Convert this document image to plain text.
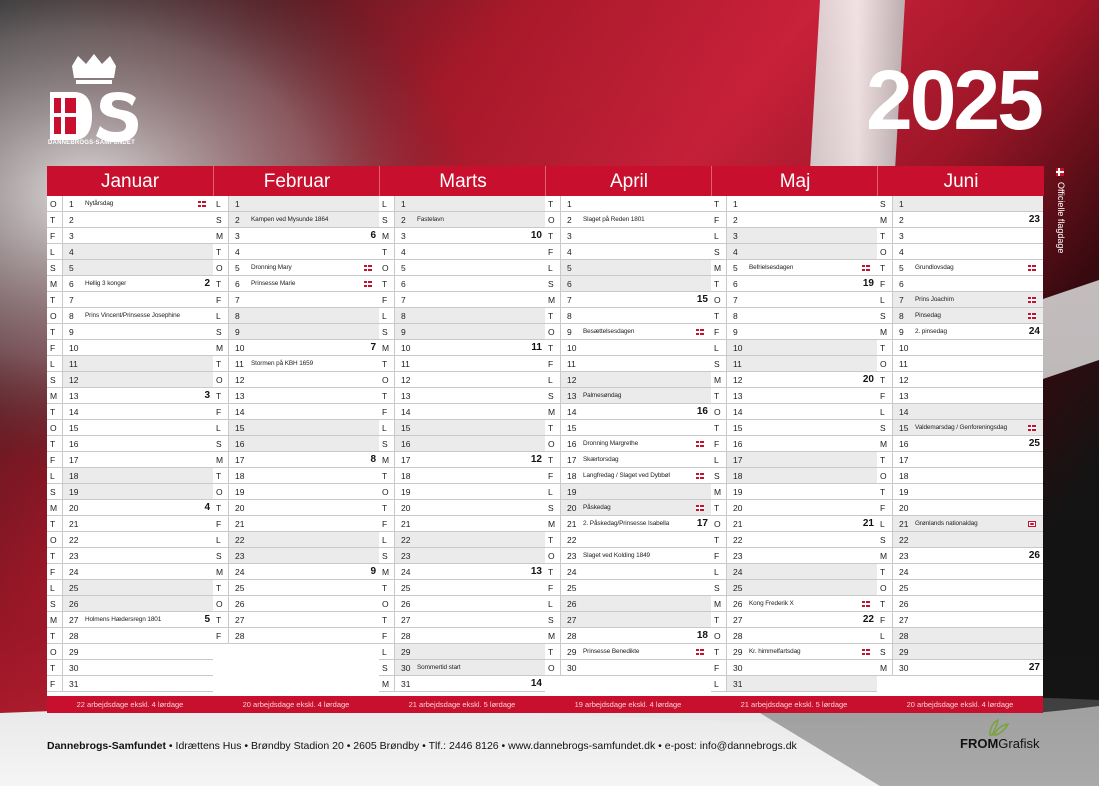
DANNEBROGS-SAMFUNDET	2025
Officielle flagdage
Januar
O	1 Nytårsdag
T	2
F	3
L	4
S	5
M	6 Hellig 3 konger	2
T	7
O	8 Prins Vincent/Prinsesse Josephine
T	9
F	10
L	11
S	12
M	13	3
T	14
O	15
T	16
F	17
L	18
S	19
M	20	4
T	21
O	22
T	23
F	24
L	25
S	26
M	27 Holmens Hædersregn 1801	5
T	28
O	29
T	30
F	31
22 arbejdsdage ekskl. 4 lørdage
Februar
L	1
S	2 Kampen ved Mysunde 1864
M	3	6
T	4
O	5 Dronning Mary
T	6 Prinsesse Marie
F	7
L	8
S	9
M	10	7
T	11 Stormen på KBH 1659
O	12
T	13
F	14
L	15
S	16
M	17	8
T	18
O	19
T	20
F	21
L	22
S	23
M	24	9
T	25
O	26
T	27
F	28
20 arbejdsdage ekskl. 4 lørdage
Marts
L	1
S	2 Fastelavn
M	3	10
T	4
O	5
T	6
F	7
L	8
S	9
M	10	11
T	11
O	12
T	13
F	14
L	15
S	16
M	17	12
T	18
O	19
T	20
F	21
L	22
S	23
M	24	13
T	25
O	26
T	27
F	28
L	29
S	30 Sommertid start
M	31	14
21 arbejdsdage ekskl. 5 lørdage
April
T	1
O	2 Slaget på Reden 1801
T	3
F	4
L	5
S	6
M	7	15
T	8
O	9 Besættelsesdagen
T	10
F	11
L	12
S	13 Palmesøndag
M	14	16
T	15
O	16 Dronning Margrethe
T	17 Skærtorsdag
F	18 Langfredag / Slaget ved Dybbøl
L	19
S	20 Påskedag
M	21 2. Påskedag/Prinsesse Isabella	17
T	22
O	23 Slaget ved Kolding 1849
T	24
F	25
L	26
S	27
M	28	18
T	29 Prinsesse Benedikte
O	30
19 arbejdsdage ekskl. 4 lørdage
Maj
T	1
F	2
L	3
S	4
M	5 Befrielsesdagen
T	6	19
O	7
T	8
F	9
L	10
S	11
M	12	20
T	13
O	14
T	15
F	16
L	17
S	18
M	19
T	20
O	21	21
T	22
F	23
L	24
S	25
M	26 Kong Frederik X
T	27	22
O	28
T	29 Kr. himmelfartsdag
F	30
L	31
21 arbejdsdage ekskl. 5 lørdage
Juni
S	1
M	2	23
T	3
O	4
T	5 Grundlovsdag
F	6
L	7 Prins Joachim
S	8 Pinsedag
M	9 2. pinsedag	24
T	10
O	11
T	12
F	13
L	14
S	15 Valdemarsdag / Genforeningsdag
M	16	25
T	17
O	18
T	19
F	20
L	21 Grønlands nationaldag
S	22
M	23	26
T	24
O	25
T	26
F	27
L	28
S	29
M	30	27
20 arbejdsdage ekskl. 4 lørdage
Dannebrogs-Samfundet • Idrættens Hus • Brøndby Stadion 20 • 2605 Brøndby • Tlf.: 2446 8126 • www.dannebrogs-samfundet.dk • e-post: info@dannebrogs.dk	FROMGrafisk
